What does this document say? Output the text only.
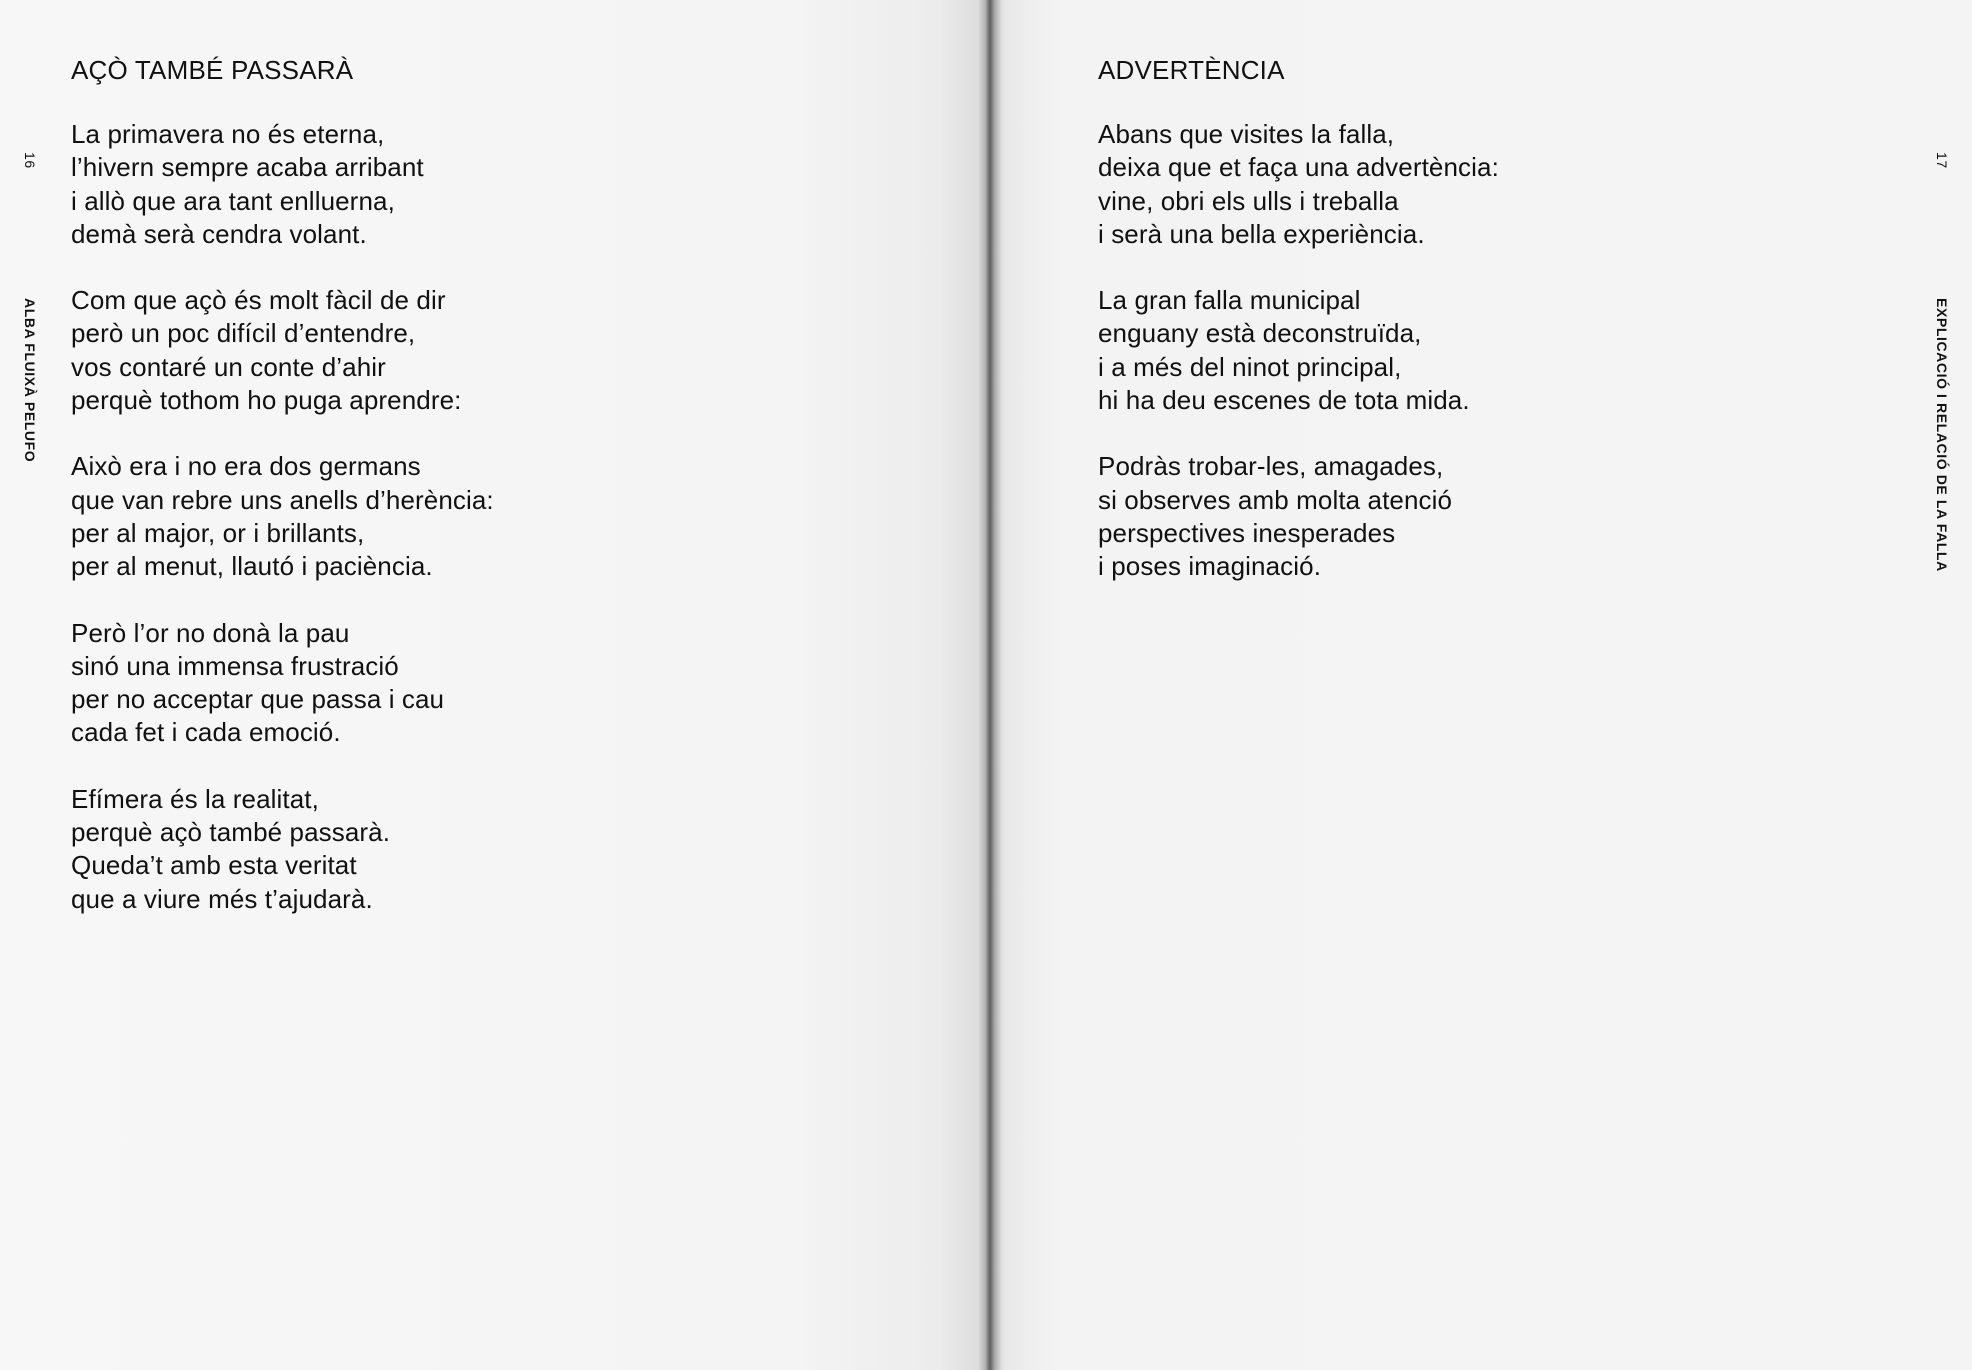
AÇÒ TAMBÉ PASSARÀ
La primavera no és eterna,
l’hivern sempre acaba arribant
i allò que ara tant enlluerna,
demà serà cendra volant.
Com que açò és molt fàcil de dir
però un poc difícil d’entendre,
vos contaré un conte d’ahir
perquè tothom ho puga aprendre:
Això era i no era dos germans
que van rebre uns anells d’herència:
per al major, or i brillants,
per al menut, llautó i paciència.
Però l’or no donà la pau
sinó una immensa frustració
per no acceptar que passa i cau
cada fet i cada emoció.
Efímera és la realitat,
perquè açò també passarà.
Queda’t amb esta veritat
que a viure més t’ajudarà.
ADVERTÈNCIA
Abans que visites la falla,
deixa que et faça una advertència:
vine, obri els ulls i treballa
i serà una bella experiència.
La gran falla municipal
enguany està deconstruïda,
i a més del ninot principal,
hi ha deu escenes de tota mida.
Podràs trobar-les, amagades,
si observes amb molta atenció
perspectives inesperades
i poses imaginació.
16
ALBA FLUIXÀ PELUFO
17
EXPLICACIÓ I RELACIÓ DE LA FALLA
